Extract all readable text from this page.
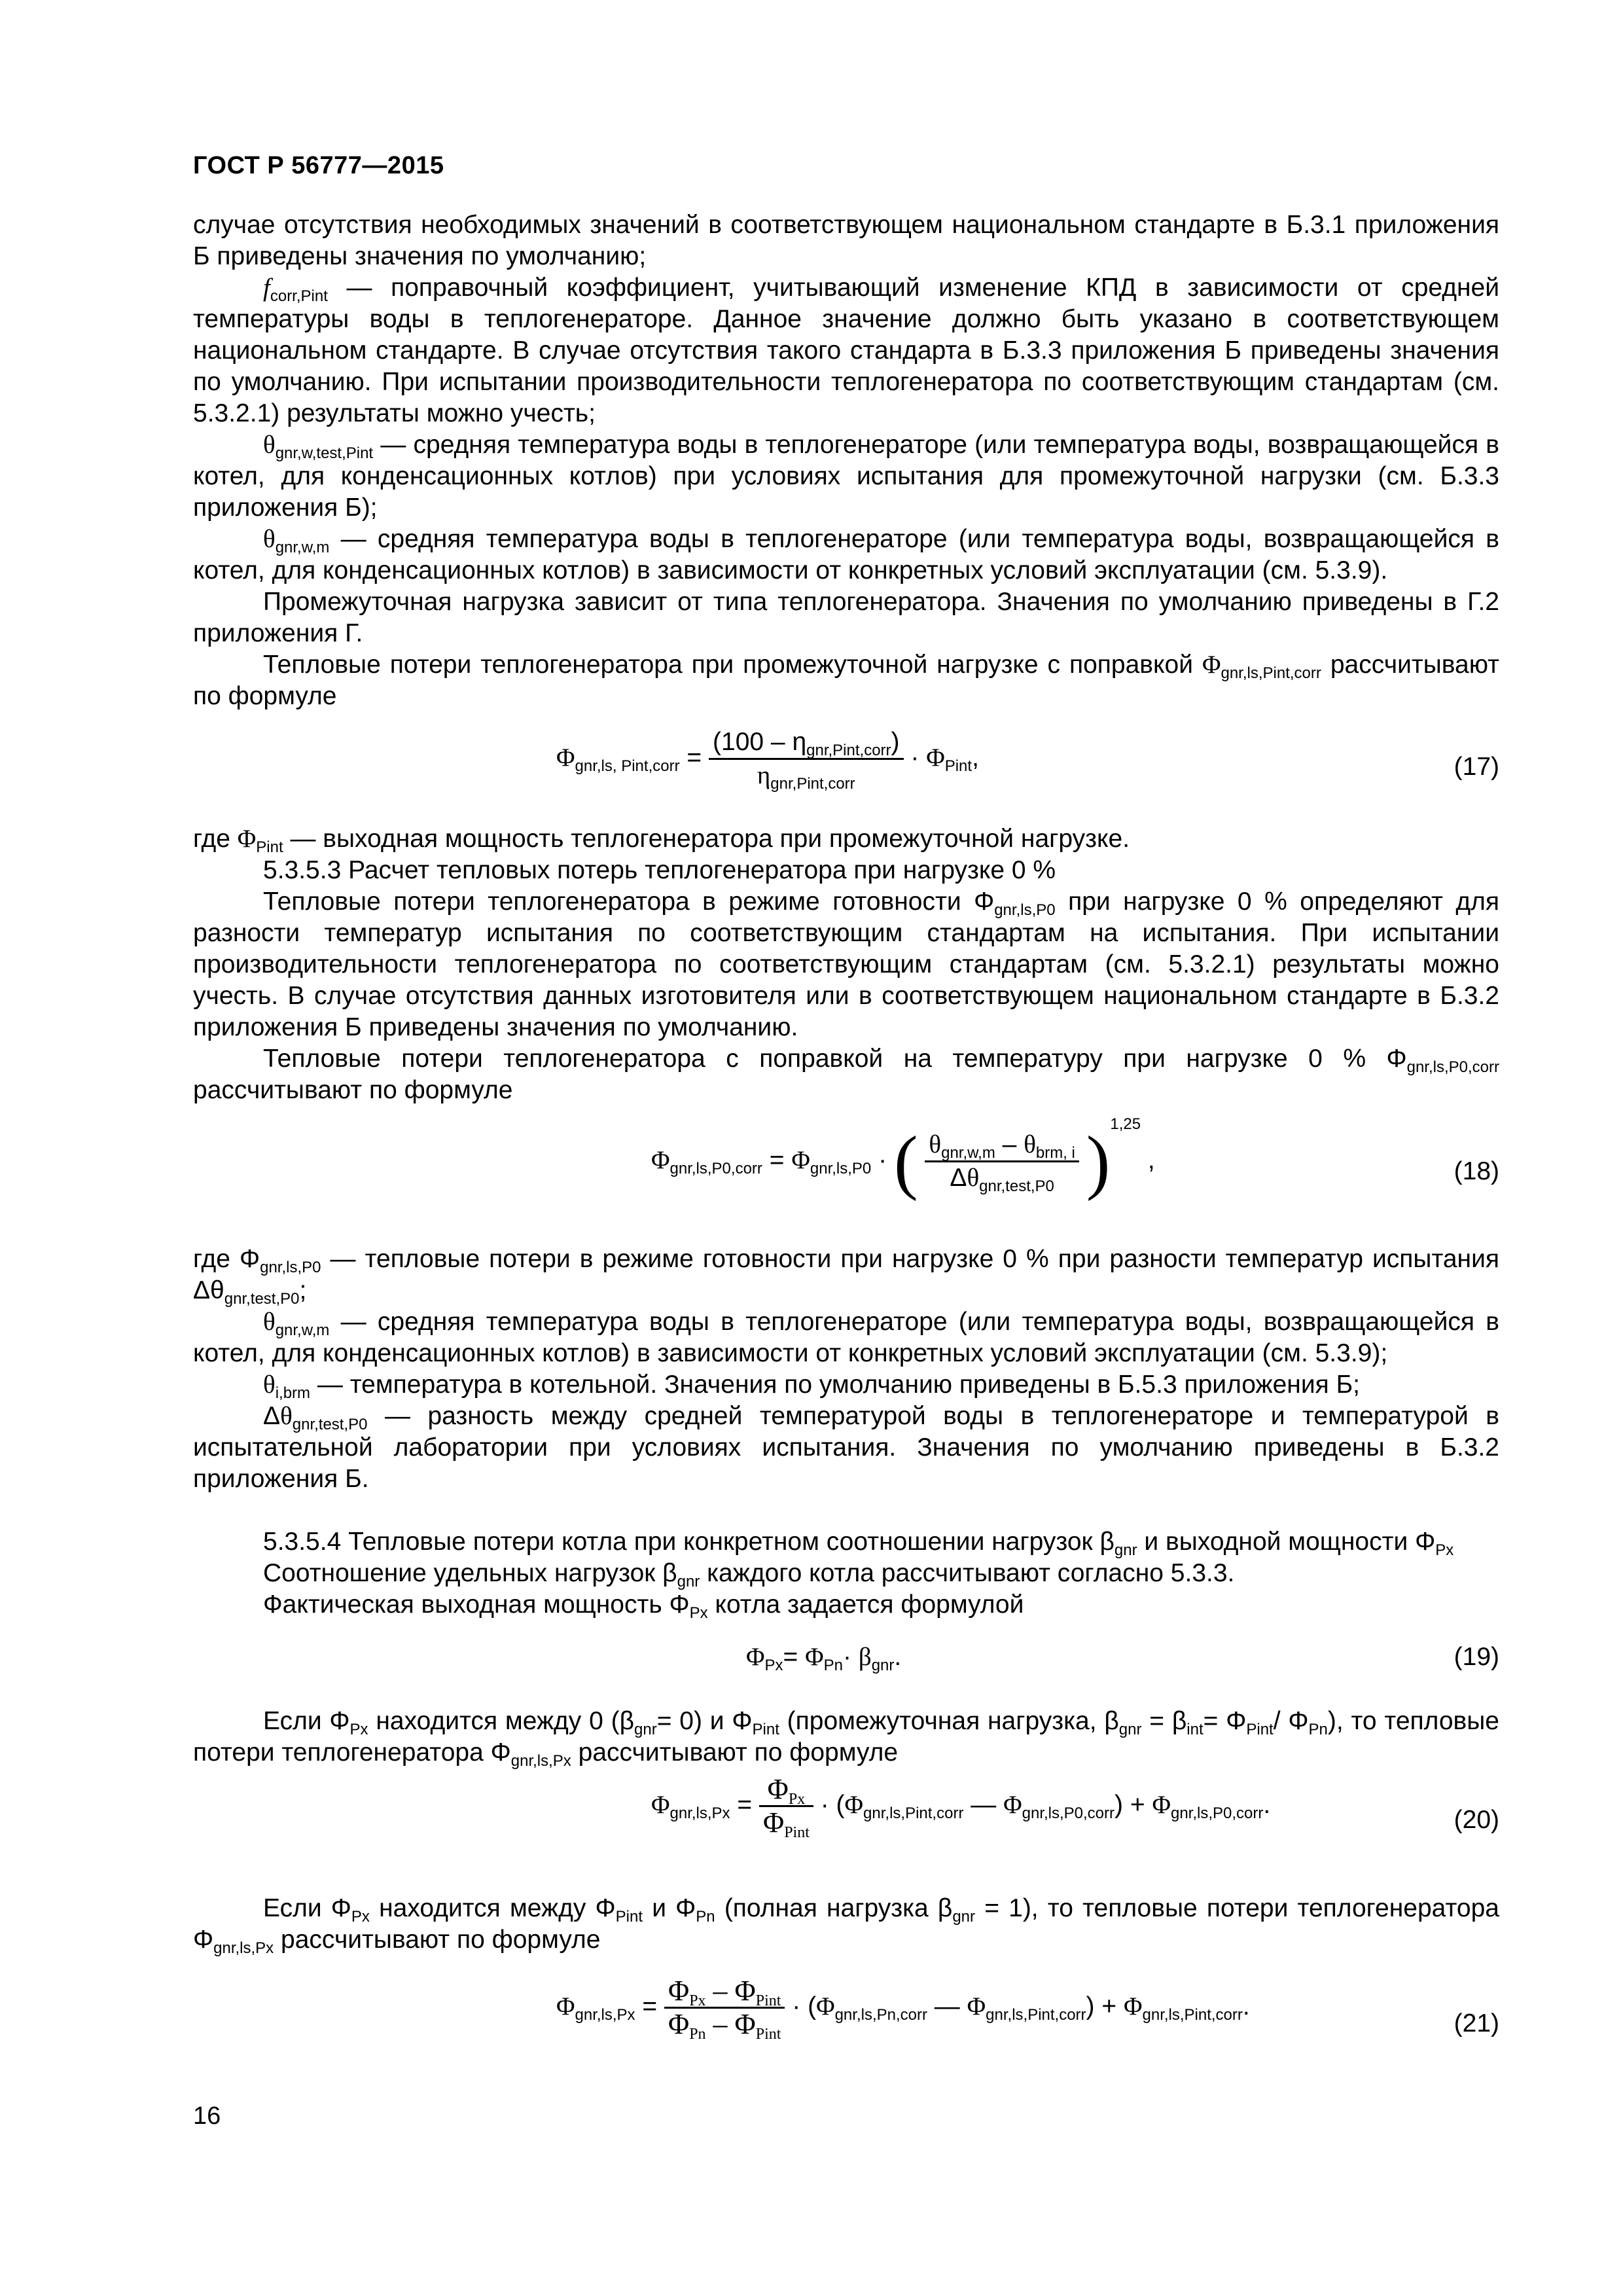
ГОСТ Р 56777—2015

случае отсутствия необходимых значений в соответствующем национальном стандарте в Б.3.1 приложения Б приведены значения по умолчанию;

$f_{corr,Pint}$ — поправочный коэффициент, учитывающий изменение КПД в зависимости от средней температуры воды в теплогенераторе. Данное значение должно быть указано в соответствующем национальном стандарте. В случае отсутствия такого стандарта в Б.3.3 приложения Б приведены значения по умолчанию. При испытании производительности теплогенератора по соответствующим стандартам (см. 5.3.2.1) результаты можно учесть;

$\theta_{gnr,w,test,Pint}$ — средняя температура воды в теплогенераторе (или температура воды, возвращающейся в котел, для конденсационных котлов) при условиях испытания для промежуточной нагрузки (см. Б.3.3 приложения Б);

$\theta_{gnr,w,m}$ — средняя температура воды в теплогенераторе (или температура воды, возвращающейся в котел, для конденсационных котлов) в зависимости от конкретных условий эксплуатации (см. 5.3.9).

Промежуточная нагрузка зависит от типа теплогенератора. Значения по умолчанию приведены в Г.2 приложения Г.

Тепловые потери теплогенератора при промежуточной нагрузке с поправкой $\Phi_{gnr,ls,Pint,corr}$ рассчитывают по формуле

$\Phi_{gnr,ls, Pint,corr} = \frac{(100 - \eta_{gnr,Pint,corr})}{\eta_{gnr,Pint,corr}} \cdot \Phi_{Pint}$,	(17)

где $\Phi_{Pint}$ — выходная мощность теплогенератора при промежуточной нагрузке.

5.3.5.3 Расчет тепловых потерь теплогенератора при нагрузке 0 %

Тепловые потери теплогенератора в режиме готовности $\Phi_{gnr,ls,P0}$ при нагрузке 0 % определяют для разности температур испытания по соответствующим стандартам на испытания. При испытании производительности теплогенератора по соответствующим стандартам (см. 5.3.2.1) результаты можно учесть. В случае отсутствия данных изготовителя или в соответствующем национальном стандарте в Б.3.2 приложения Б приведены значения по умолчанию.

Тепловые потери теплогенератора с поправкой на температуру при нагрузке 0 % $\Phi_{gnr,ls,P0,corr}$ рассчитывают по формуле

$\Phi_{gnr,ls,P0,corr} = \Phi_{gnr,ls,P0}$ · ( $\frac{\theta_{gnr,w,m} - \theta_{brm, i}}{\Delta\theta_{gnr,test,P0}} )^{1,25}$ ,	(18)

где $\Phi_{gnr,ls,P0}$ — тепловые потери в режиме готовности при нагрузке 0 % при разности температур испытания $\Delta\theta_{gnr,test,P0}$;

$\theta_{gnr,w,m}$ — средняя температура воды в теплогенераторе (или температура воды, возвращающейся в котел, для конденсационных котлов) в зависимости от конкретных условий эксплуатации (см. 5.3.9);

$\theta_{i,brm}$ — температура в котельной. Значения по умолчанию приведены в Б.5.3 приложения Б;

$\Delta\theta_{gnr,test,P0}$ — разность между средней температурой воды в теплогенераторе и температурой в испытательной лаборатории при условиях испытания. Значения по умолчанию приведены в Б.3.2 приложения Б.

5.3.5.4 Тепловые потери котла при конкретном соотношении нагрузок $\beta_{gnr}$ и выходной мощности $\Phi_{Px}$

Соотношение удельных нагрузок $\beta_{gnr}$ каждого котла рассчитывают согласно 5.3.3.

Фактическая выходная мощность $\Phi_{Px}$ котла задается формулой

$\Phi_{Px}= \Phi_{Pn}\cdot \beta_{gnr}$.	(19)

Если $\Phi_{Px}$ находится между 0 $(\beta_{gnr}= 0)$ и $\Phi_{Pint}$ (промежуточная нагрузка, $\beta_{gnr} = \beta_{int}= \Phi_{Pint}/$ $\Phi_{Pn}$), то тепловые потери теплогенератора $\Phi_{gnr,ls,Px}$ рассчитывают по формуле

$\Phi_{gnr,ls,Px} = \frac{\Phi_{Px}}{\Phi_{Pint}} \cdot (\Phi_{gnr,ls,Pint,corr}$ — $\Phi_{gnr,ls,P0,corr}) + \Phi_{gnr,ls,P0,corr}$.
(20)

Если $\Phi_{Px}$ находится между $\Phi_{Pint}$ и $\Phi_{Pn}$ (полная нагрузка $\beta_{gnr} = 1$), то тепловые потери теплогенератора $\Phi_{gnr,ls,Px}$ рассчитывают по формуле

$\Phi_{gnr,ls,Px} = \frac{\Phi_{Px} - \Phi_{Pint}}{\Phi_{Pn} - \Phi_{Pint}} \cdot (\Phi_{gnr,ls,Pn,corr}$ — $\Phi_{gnr,ls,Pint,corr}) + \Phi_{gnr,ls,Pint,corr}$.
(21)
16
